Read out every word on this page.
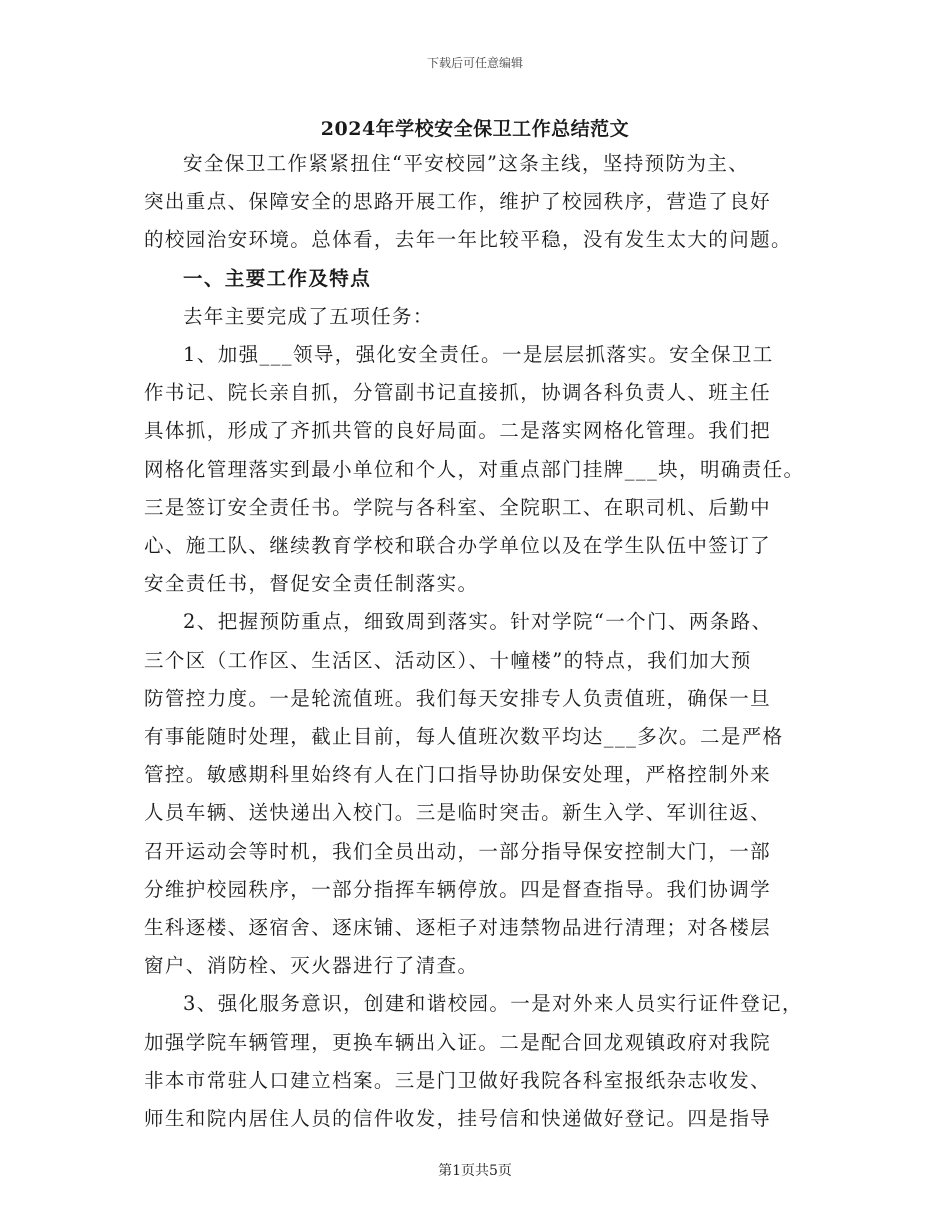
下载后可任意编辑
2024年学校安全保卫工作总结范文
安全保卫工作紧紧扭住“平安校园”这条主线，坚持预防为主、
突出重点、保障安全的思路开展工作，维护了校园秩序，营造了良好
的校园治安环境。总体看，去年一年比较平稳，没有发生太大的问题。
一、主要工作及特点
去年主要完成了五项任务：
1、加强___领导，强化安全责任。一是层层抓落实。安全保卫工
作书记、院长亲自抓，分管副书记直接抓，协调各科负责人、班主任
具体抓，形成了齐抓共管的良好局面。二是落实网格化管理。我们把
网格化管理落实到最小单位和个人，对重点部门挂牌___块，明确责任。
三是签订安全责任书。学院与各科室、全院职工、在职司机、后勤中
心、施工队、继续教育学校和联合办学单位以及在学生队伍中签订了
安全责任书，督促安全责任制落实。
2、把握预防重点，细致周到落实。针对学院“一个门、两条路、
三个区（工作区、生活区、活动区）、十幢楼”的特点，我们加大预
防管控力度。一是轮流值班。我们每天安排专人负责值班，确保一旦
有事能随时处理，截止目前，每人值班次数平均达___多次。二是严格
管控。敏感期科里始终有人在门口指导协助保安处理，严格控制外来
人员车辆、送快递出入校门。三是临时突击。新生入学、军训往返、
召开运动会等时机，我们全员出动，一部分指导保安控制大门，一部
分维护校园秩序，一部分指挥车辆停放。四是督查指导。我们协调学
生科逐楼、逐宿舍、逐床铺、逐柜子对违禁物品进行清理；对各楼层
窗户、消防栓、灭火器进行了清查。
3、强化服务意识，创建和谐校园。一是对外来人员实行证件登记，
加强学院车辆管理，更换车辆出入证。二是配合回龙观镇政府对我院
非本市常驻人口建立档案。三是门卫做好我院各科室报纸杂志收发、
师生和院内居住人员的信件收发，挂号信和快递做好登记。四是指导
第1页共5页
